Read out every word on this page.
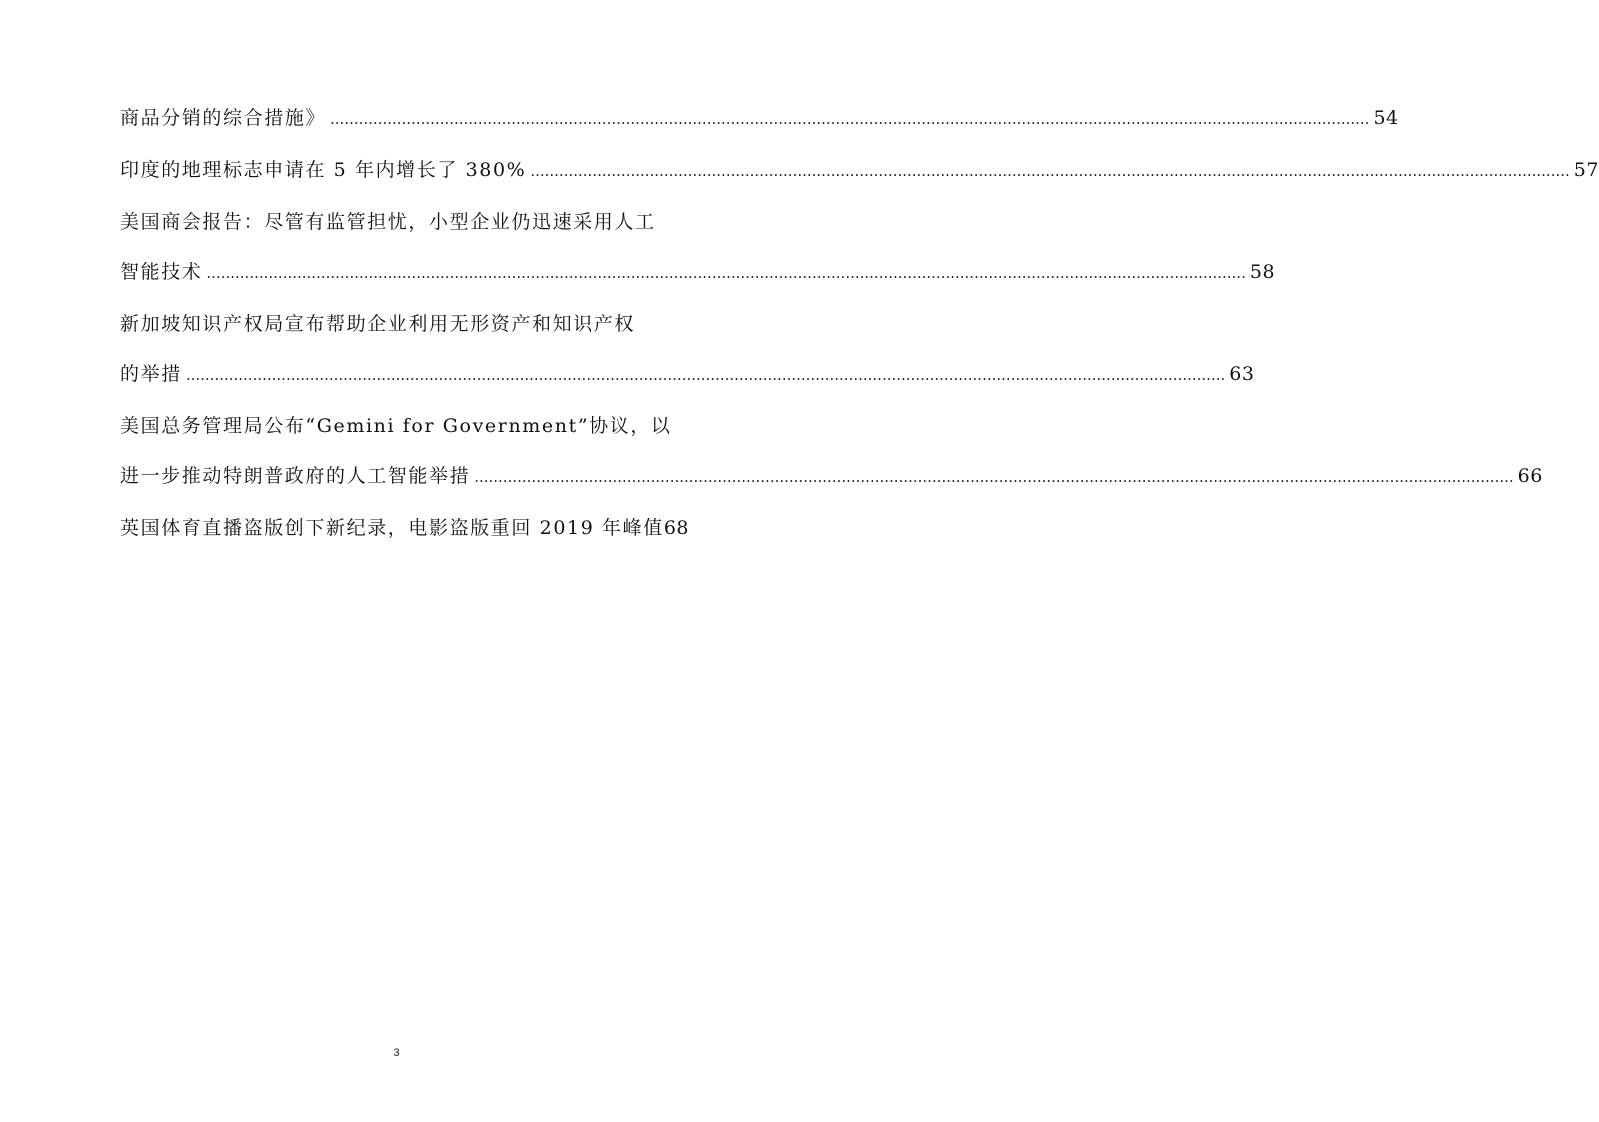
商品分销的综合措施》 .....	54
印度的地理标志申请在 5 年内增长了 380% .....	57
美国商会报告：尽管有监管担忧，小型企业仍迅速采用人工
智能技术 .....	58
新加坡知识产权局宣布帮助企业利用无形资产和知识产权
的举措 .....	63
美国总务管理局公布“Gemini for Government”协议，以
进一步推动特朗普政府的人工智能举措 .....	66
英国体育直播盗版创下新纪录，电影盗版重回 2019 年峰值 68
3
